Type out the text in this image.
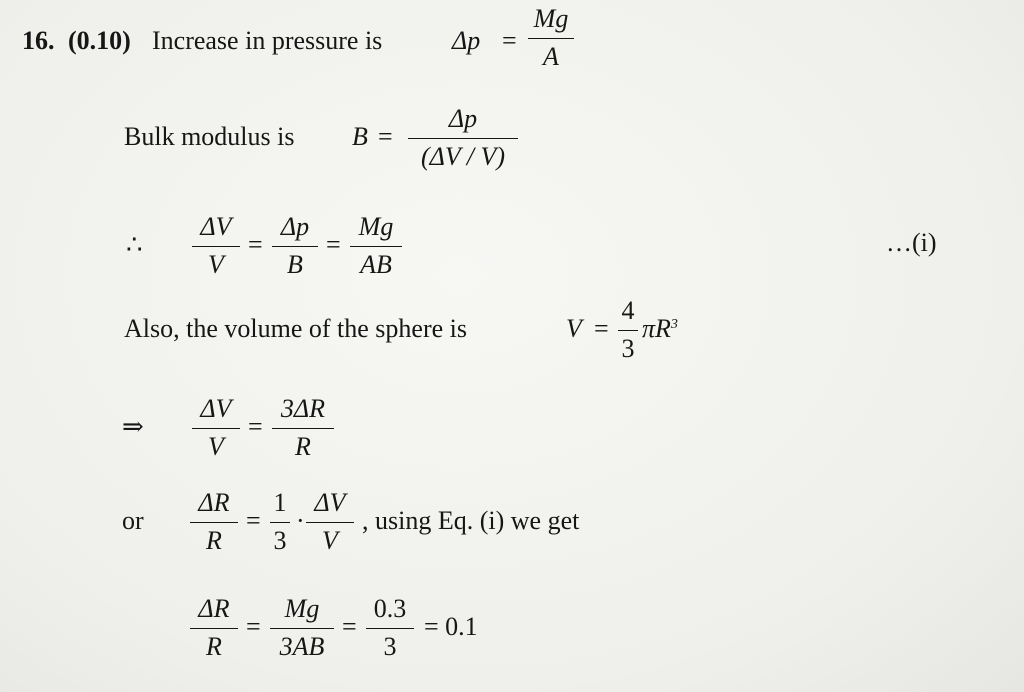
16. (0.10) Increase in pressure is	Δp =
Mg
A
Bulk modulus is B =
Δp
(ΔV / V)
∴
ΔV
V
=
Δp
B
=
Mg
AB
…(i)
Also, the volume of the sphere is	V =
4
3
$\pi R^3$
⇒
ΔV
V
=
3ΔR
R
or
ΔR
R
=
1
3
·
ΔV
V
, using Eq. (i) we get
ΔR
R
=
Mg
3AB
=
0.3
3
= 0.1
